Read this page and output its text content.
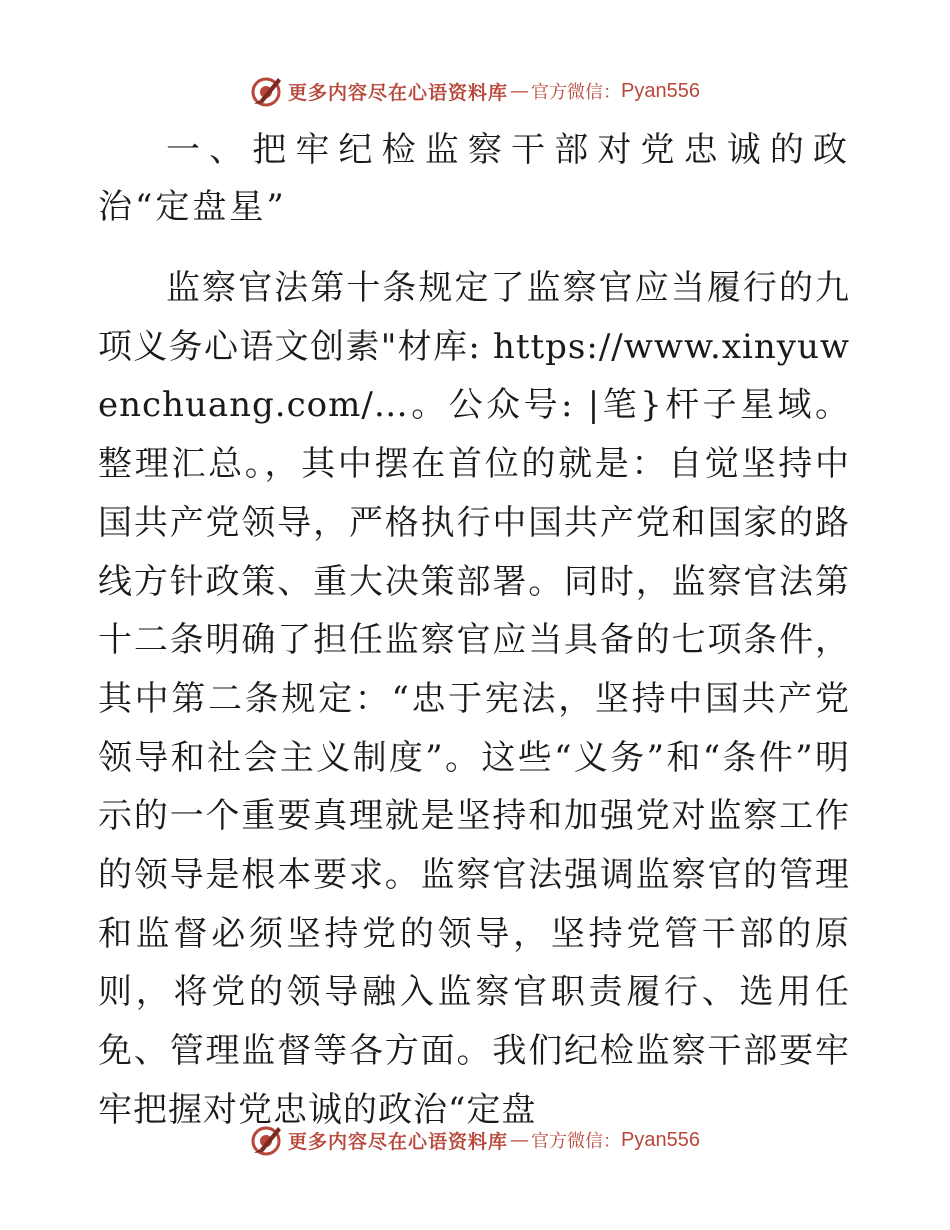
更多内容尽在心语资料库 — 官方微信： Pyan556

一、把牢纪检监察干部对党忠诚的政治“定盘星”

监察官法第十条规定了监察官应当履行的九项义务心语文创素"材库: https://www.xinyuwenchuang.com/…。公众号: |笔}杆子星域。整理汇总。，其中摆在首位的就是：自觉坚持中国共产党领导，严格执行中国共产党和国家的路线方针政策、重大决策部署。同时，监察官法第十二条明确了担任监察官应当具备的七项条件，其中第二条规定：“忠于宪法，坚持中国共产党领导和社会主义制度”。这些“义务”和“条件”明示的一个重要真理就是坚持和加强党对监察工作的领导是根本要求。监察官法强调监察官的管理和监督必须坚持党的领导，坚持党管干部的原则，将党的领导融入监察官职责履行、选用任免、管理监督等各方面。我们纪检监察干部要牢牢把握对党忠诚的政治“定盘

更多内容尽在心语资料库 — 官方微信： Pyan556
